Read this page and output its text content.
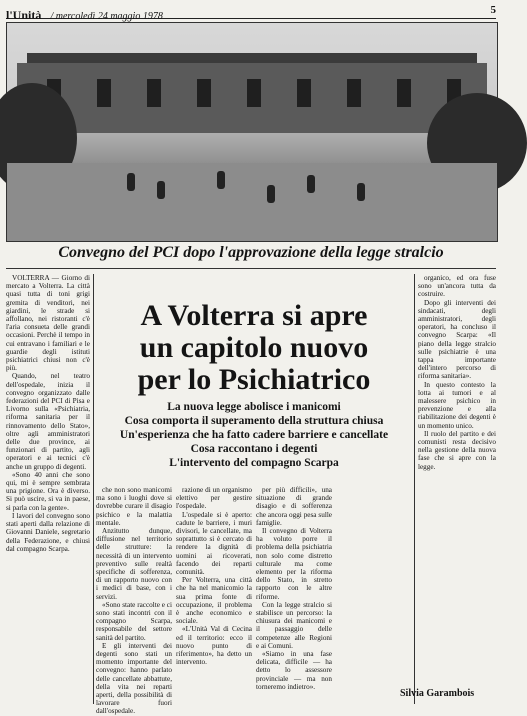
l'Unità / mercoledì 24 maggio 1978
5
Convegno del PCI dopo l'approvazione della legge stralcio

VOLTERRA — Giorno di mercato a Volterra. La città quasi tutta di toni grigi gremita di venditori, nei giardini, le strade si affollano, nei ristoranti c'è l'aria consueta delle grandi occasioni. Perchè il tempo in cui entravano i familiari e le guardie degli istituti psichiatrici chiusi non c'è più.

Quando, nel teatro dell'ospedale, inizia il convegno organizzato dalle federazioni del PCI di Pisa e Livorno sulla «Psichiatria, riforma sanitaria per il rinnovamento dello Stato», oltre agli amministratori delle due province, ai funzionari di partito, agli operatori e ai tecnici c'è anche un gruppo di degenti.

«Sono 40 anni che sono qui, mi è sempre sembrata una prigione. Ora è diverso. Si può uscire, si va in paese, si parla con la gente».

I lavori del convegno sono stati aperti dalla relazione di Giovanni Daniele, segretario della Federazione, e chiusi dal compagno Scarpa.

A Volterra si apre
un capitolo nuovo
per lo Psichiatrico
La nuova legge abolisce i manicomi
Cosa comporta il superamento della struttura chiusa
Un'esperienza che ha fatto cadere barriere e cancellate
Cosa raccontano i degenti
L'intervento del compagno Scarpa

che non sono manicomi ma sono i luoghi dove si dovrebbe curare il disagio psichico e la malattia mentale.

Anzitutto dunque, diffusione nel territorio delle strutture: la necessità di un intervento preventivo sulle realtà specifiche di sofferenza, di un rapporto nuovo con i medici di base, con i servizi.

«Sono state raccolte e ci sono stati incontri con il compagno Scarpa, responsabile del settore sanità del partito.

E gli interventi dei degenti sono stati un momento importante del convegno: hanno parlato delle cancellate abbattute, della vita nei reparti aperti, della possibilità di lavorare fuori dall'ospedale.

razione di un organismo elettivo per gestire l'ospedale.

L'ospedale si è aperto: cadute le barriere, i muri divisori, le cancellate, ma soprattutto si è cercato di rendere la dignità di uomini ai ricoverati, facendo dei reparti comunità.

Per Volterra, una città che ha nel manicomio la sua prima fonte di occupazione, il problema è anche economico e sociale.

«L'Unità Val di Cecina ed il territorio: ecco il nuovo punto di riferimento», ha detto un intervento.

per più difficili», una situazione di grande disagio e di sofferenza che ancora oggi pesa sulle famiglie.

Il convegno di Volterra ha voluto porre il problema della psichiatria non solo come distretto culturale ma come elemento per la riforma dello Stato, in stretto rapporto con le altre riforme.

Con la legge stralcio si stabilisce un percorso: la chiusura dei manicomi e il passaggio delle competenze alle Regioni e ai Comuni.

«Siamo in una fase delicata, difficile — ha detto lo assessore provinciale — ma non torneremo indietro».

organico, ed ora fuse sono un'ancora tutta da costruire.

Dopo gli interventi dei sindacati, degli amministratori, degli operatori, ha concluso il convegno Scarpa: «Il piano della legge stralcio sulle psichiatrie è una tappa importante dell'intero percorso di riforma sanitaria».

In questo contesto la lotta ai tumori e al malessere psichico in prevenzione e alla riabilitazione dei degenti è un momento unico.

Il ruolo del partito e dei comunisti resta decisivo nella gestione della nuova fase che si apre con la legge.

Silvia Garambois
